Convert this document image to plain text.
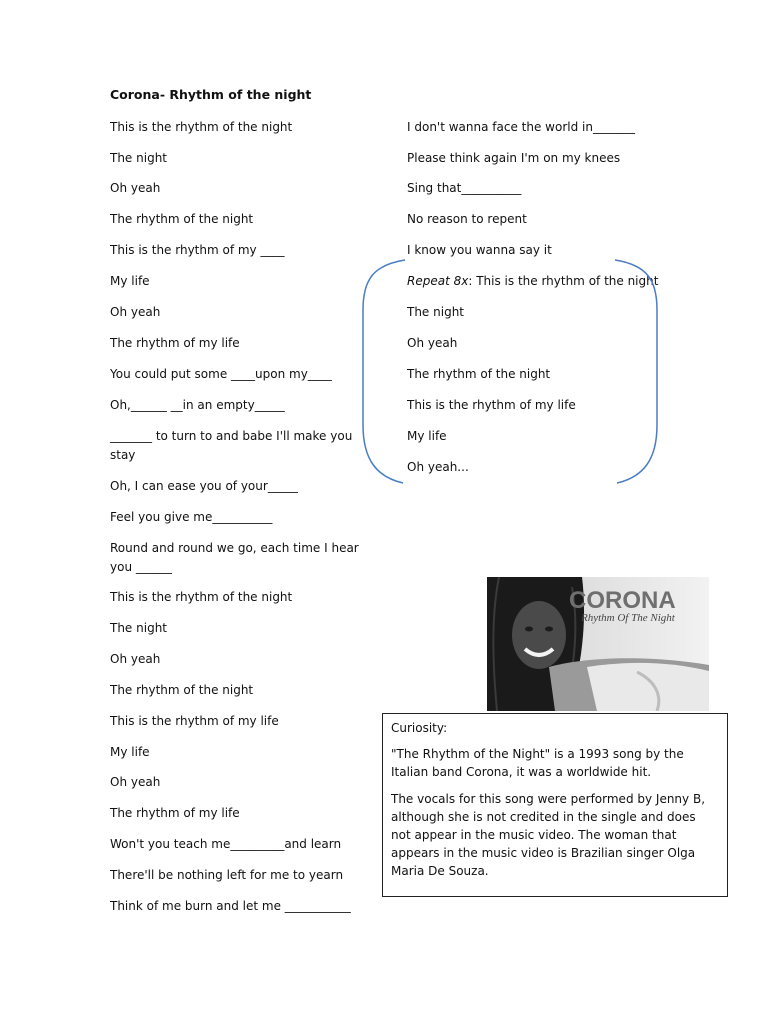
Corona- Rhythm of the night
This is the rhythm of the night
The night
Oh yeah
The rhythm of the night
This is the rhythm of my ____
My life
Oh yeah
The rhythm of my life
You could put some ____upon my____
Oh,______ __in an empty_____
_______ to turn to and babe I'll make you stay
Oh, I can ease you of your_____
Feel you give me__________
Round and round we go, each time I hear you ______
This is the rhythm of the night
The night
Oh yeah
The rhythm of the night
This is the rhythm of my life
My life
Oh yeah
The rhythm of my life
Won't you teach me_________and learn
There'll be nothing left for me to yearn
Think of me burn and let me ___________
I don't wanna face the world in_______
Please think again I'm on my knees
Sing that__________
No reason to repent
I know you wanna say it
Repeat 8x: This is the rhythm of the night
The night
Oh yeah
The rhythm of the night
This is the rhythm of my life
My life
Oh yeah...
CORONA
Rhythm Of The Night
Curiosity:
"The Rhythm of the Night" is a 1993 song by the Italian band Corona, it was a worldwide hit.
The vocals for this song were performed by Jenny B, although she is not credited in the single and does not appear in the music video. The woman that appears in the music video is Brazilian singer Olga Maria De Souza.
